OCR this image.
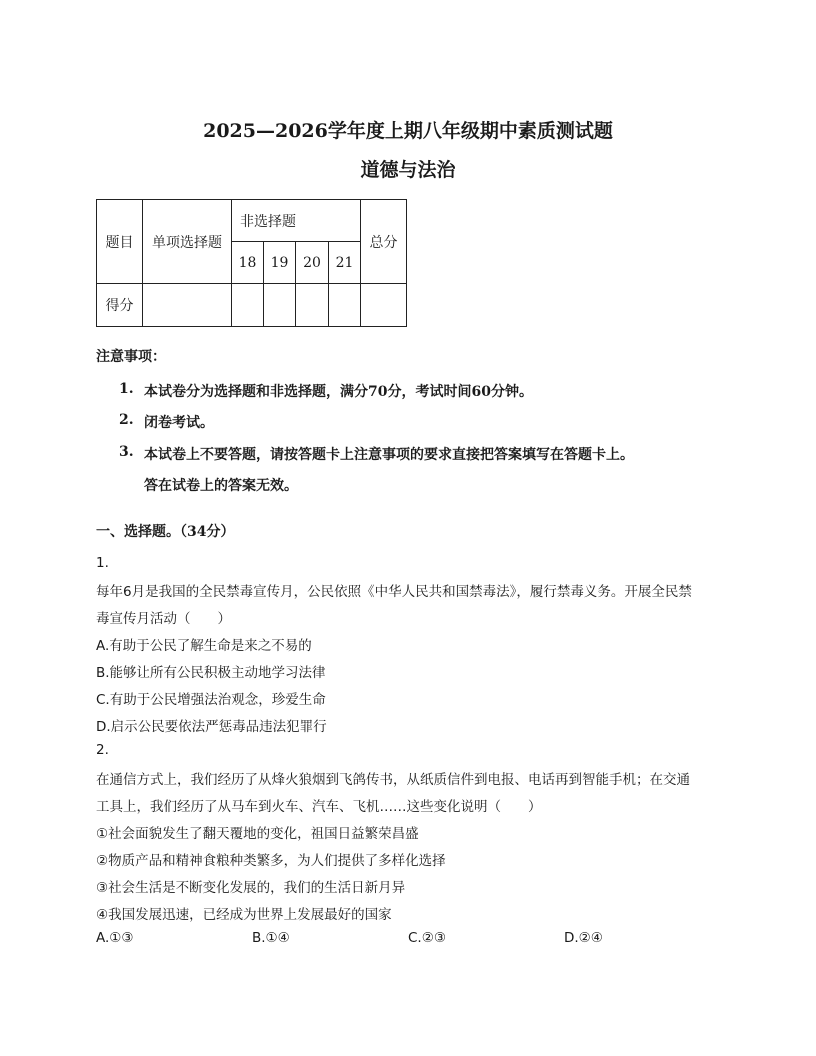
2025—2026学年度上期八年级期中素质测试题
道德与法治
题目	单项选择题	非选择题				总分
		18	19	20	21	
得分						
注意事项：
1. 本试卷分为选择题和非选择题，满分70分，考试时间60分钟。
2. 闭卷考试。
3. 本试卷上不要答题，请按答题卡上注意事项的要求直接把答案填写在答题卡上。
答在试卷上的答案无效。
一、选择题。（34分）
1.
每年6月是我国的全民禁毒宣传月，公民依照《中华人民共和国禁毒法》，履行禁毒义务。开展全民禁
毒宣传月活动（　　）
A.有助于公民了解生命是来之不易的
B.能够让所有公民积极主动地学习法律
C.有助于公民增强法治观念，珍爱生命
D.启示公民要依法严惩毒品违法犯罪行
2.
在通信方式上，我们经历了从烽火狼烟到飞鸽传书，从纸质信件到电报、电话再到智能手机；在交通
工具上，我们经历了从马车到火车、汽车、飞机……这些变化说明（　　）
①社会面貌发生了翻天覆地的变化，祖国日益繁荣昌盛
②物质产品和精神食粮种类繁多，为人们提供了多样化选择
③社会生活是不断变化发展的，我们的生活日新月异
④我国发展迅速，已经成为世界上发展最好的国家
A.①③	B.①④	C.②③	D.②④
